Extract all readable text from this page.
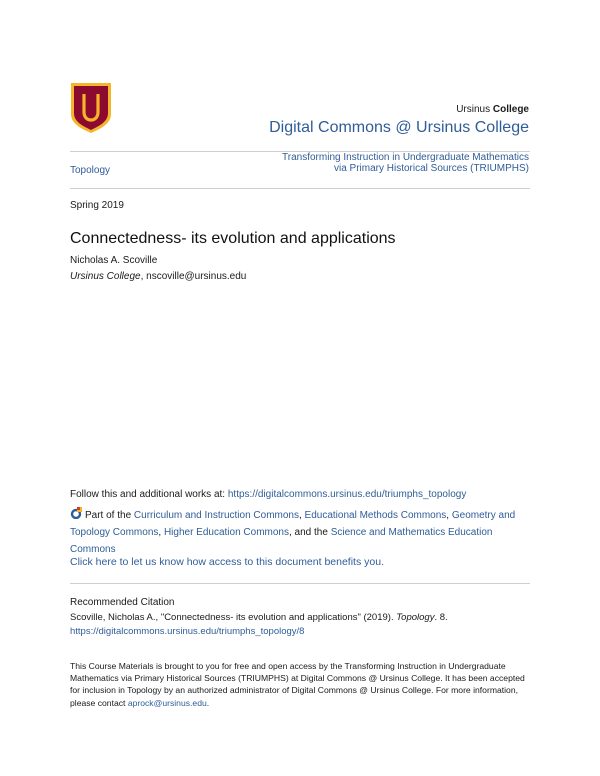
Ursinus College
Digital Commons @ Ursinus College
Topology
Transforming Instruction in Undergraduate Mathematics via Primary Historical Sources (TRIUMPHS)
Spring 2019
Connectedness- its evolution and applications
Nicholas A. Scoville
Ursinus College, nscoville@ursinus.edu
Follow this and additional works at: https://digitalcommons.ursinus.edu/triumphs_topology
Part of the Curriculum and Instruction Commons, Educational Methods Commons, Geometry and Topology Commons, Higher Education Commons, and the Science and Mathematics Education Commons
Click here to let us know how access to this document benefits you.
Recommended Citation
Scoville, Nicholas A., "Connectedness- its evolution and applications" (2019). Topology. 8.
https://digitalcommons.ursinus.edu/triumphs_topology/8
This Course Materials is brought to you for free and open access by the Transforming Instruction in Undergraduate Mathematics via Primary Historical Sources (TRIUMPHS) at Digital Commons @ Ursinus College. It has been accepted for inclusion in Topology by an authorized administrator of Digital Commons @ Ursinus College. For more information, please contact aprock@ursinus.edu.
